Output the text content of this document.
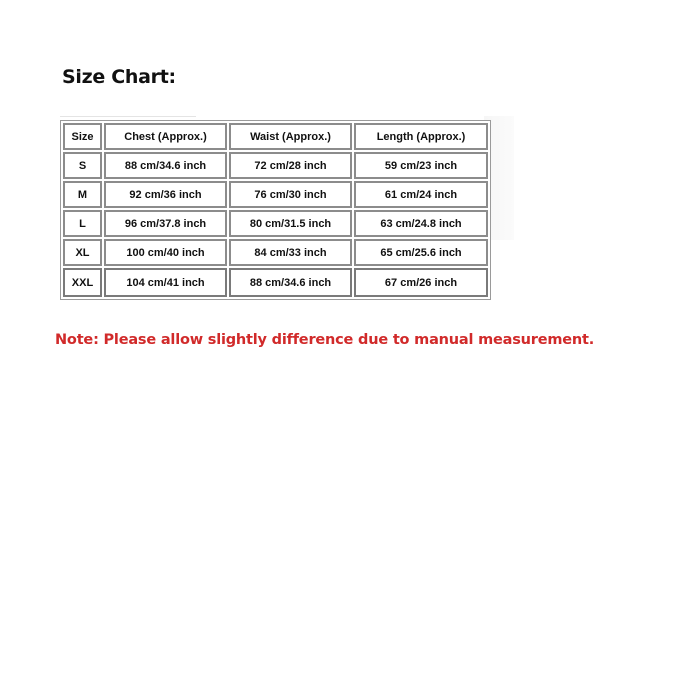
Size Chart:
Size	Chest (Approx.)	Waist (Approx.)	Length (Approx.)
S	88 cm/34.6 inch	72 cm/28 inch	59 cm/23 inch
M	92 cm/36 inch	76 cm/30 inch	61 cm/24 inch
L	96 cm/37.8 inch	80 cm/31.5 inch	63 cm/24.8 inch
XL	100 cm/40 inch	84 cm/33 inch	65 cm/25.6 inch
XXL	104 cm/41 inch	88 cm/34.6 inch	67 cm/26 inch
Note: Please allow slightly difference due to manual measurement.
